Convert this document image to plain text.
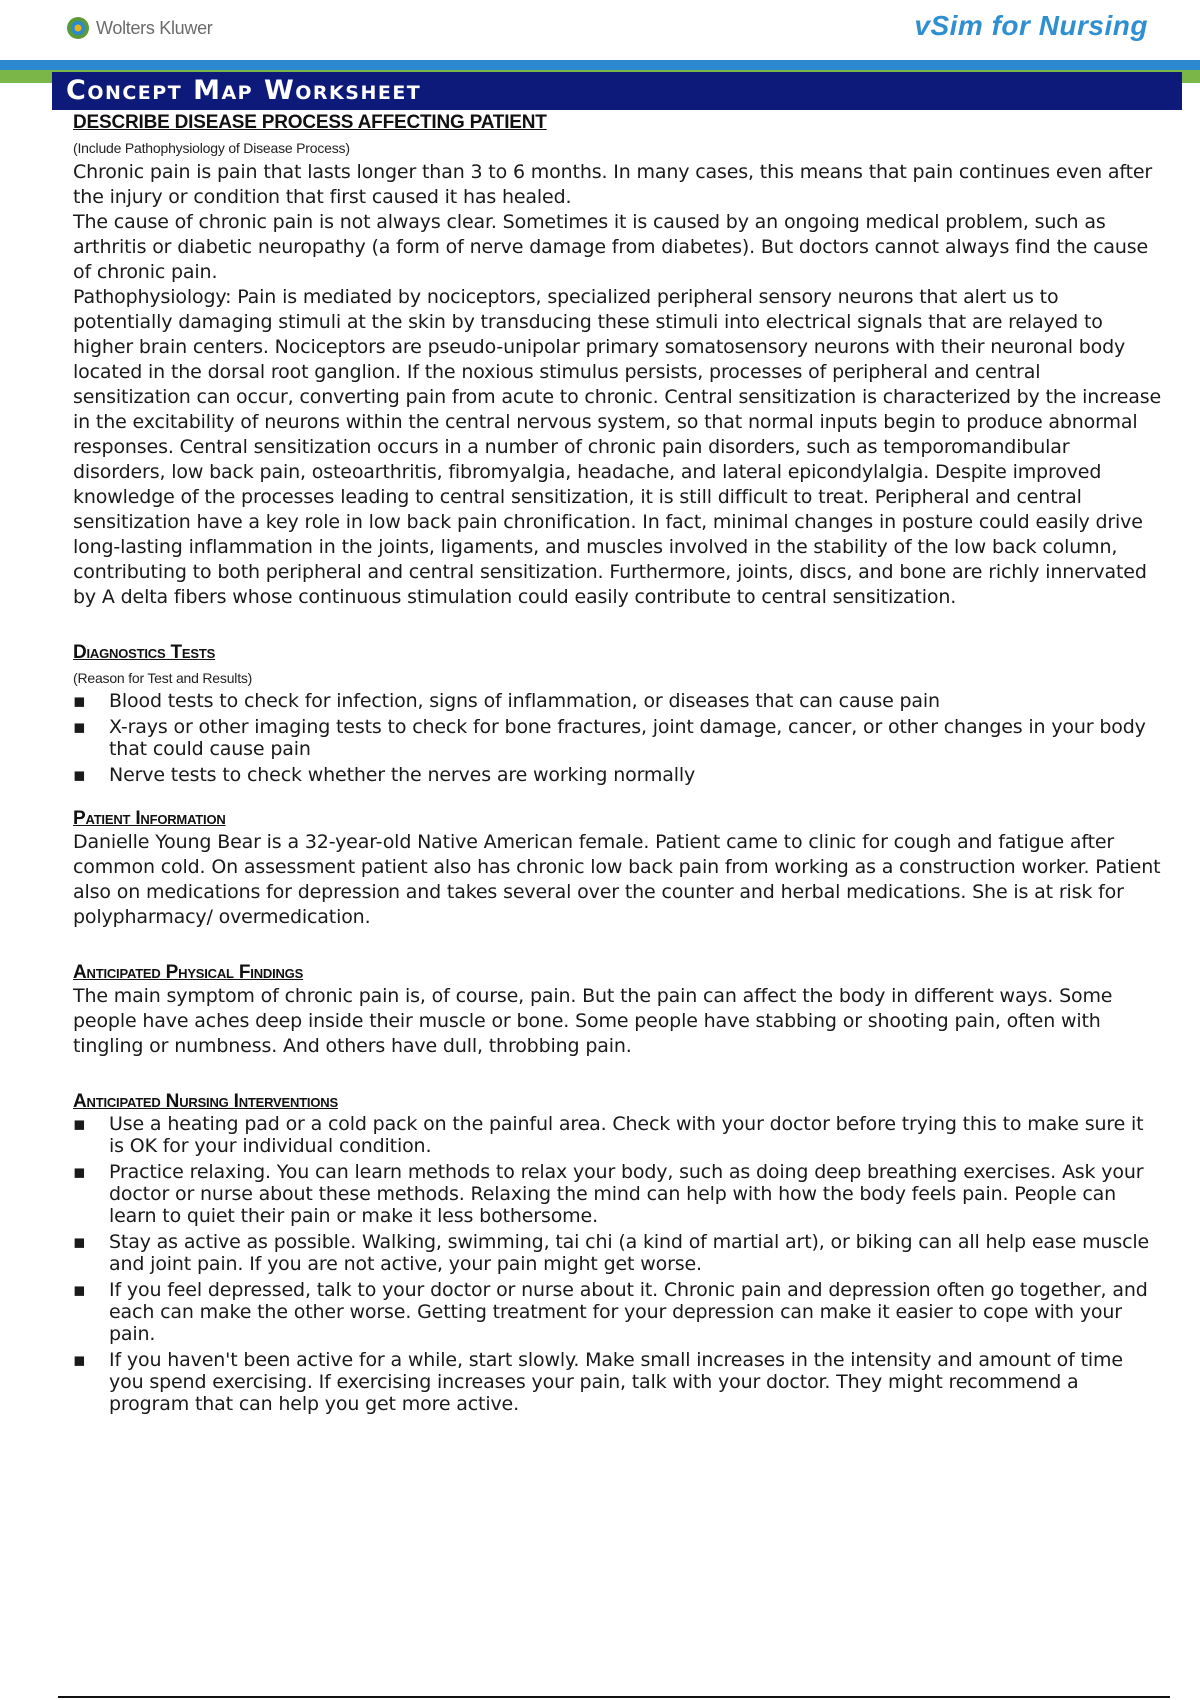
Wolters Kluwer	vSim for Nursing
Concept Map Worksheet
DESCRIBE DISEASE PROCESS AFFECTING PATIENT
(Include Pathophysiology of Disease Process)

Chronic pain is pain that lasts longer than 3 to 6 months. In many cases, this means that pain continues even after the injury or condition that first caused it has healed.

The cause of chronic pain is not always clear. Sometimes it is caused by an ongoing medical problem, such as arthritis or diabetic neuropathy (a form of nerve damage from diabetes). But doctors cannot always find the cause of chronic pain.

Pathophysiology: Pain is mediated by nociceptors, specialized peripheral sensory neurons that alert us to potentially damaging stimuli at the skin by transducing these stimuli into electrical signals that are relayed to higher brain centers. Nociceptors are pseudo-unipolar primary somatosensory neurons with their neuronal body located in the dorsal root ganglion. If the noxious stimulus persists, processes of peripheral and central sensitization can occur, converting pain from acute to chronic. Central sensitization is characterized by the increase in the excitability of neurons within the central nervous system, so that normal inputs begin to produce abnormal responses. Central sensitization occurs in a number of chronic pain disorders, such as temporomandibular disorders, low back pain, osteoarthritis, fibromyalgia, headache, and lateral epicondylalgia. Despite improved knowledge of the processes leading to central sensitization, it is still difficult to treat. Peripheral and central sensitization have a key role in low back pain chronification. In fact, minimal changes in posture could easily drive long-lasting inflammation in the joints, ligaments, and muscles involved in the stability of the low back column, contributing to both peripheral and central sensitization. Furthermore, joints, discs, and bone are richly innervated by A delta fibers whose continuous stimulation could easily contribute to central sensitization.

Diagnostics Tests
(Reason for Test and Results)
▪ Blood tests to check for infection, signs of inflammation, or diseases that can cause pain
▪ X-rays or other imaging tests to check for bone fractures, joint damage, cancer, or other changes in your body that could cause pain
▪ Nerve tests to check whether the nerves are working normally
Patient Information

Danielle Young Bear is a 32-year-old Native American female. Patient came to clinic for cough and fatigue after common cold. On assessment patient also has chronic low back pain from working as a construction worker. Patient also on medications for depression and takes several over the counter and herbal medications. She is at risk for polypharmacy/ overmedication.

Anticipated Physical Findings

The main symptom of chronic pain is, of course, pain. But the pain can affect the body in different ways. Some people have aches deep inside their muscle or bone. Some people have stabbing or shooting pain, often with tingling or numbness. And others have dull, throbbing pain.

Anticipated Nursing Interventions
▪ Use a heating pad or a cold pack on the painful area. Check with your doctor before trying this to make sure it is OK for your individual condition.
▪ Practice relaxing. You can learn methods to relax your body, such as doing deep breathing exercises. Ask your doctor or nurse about these methods. Relaxing the mind can help with how the body feels pain. People can learn to quiet their pain or make it less bothersome.
▪ Stay as active as possible. Walking, swimming, tai chi (a kind of martial art), or biking can all help ease muscle and joint pain. If you are not active, your pain might get worse.
▪ If you feel depressed, talk to your doctor or nurse about it. Chronic pain and depression often go together, and each can make the other worse. Getting treatment for your depression can make it easier to cope with your pain.
▪ If you haven't been active for a while, start slowly. Make small increases in the intensity and amount of time you spend exercising. If exercising increases your pain, talk with your doctor. They might recommend a program that can help you get more active.
